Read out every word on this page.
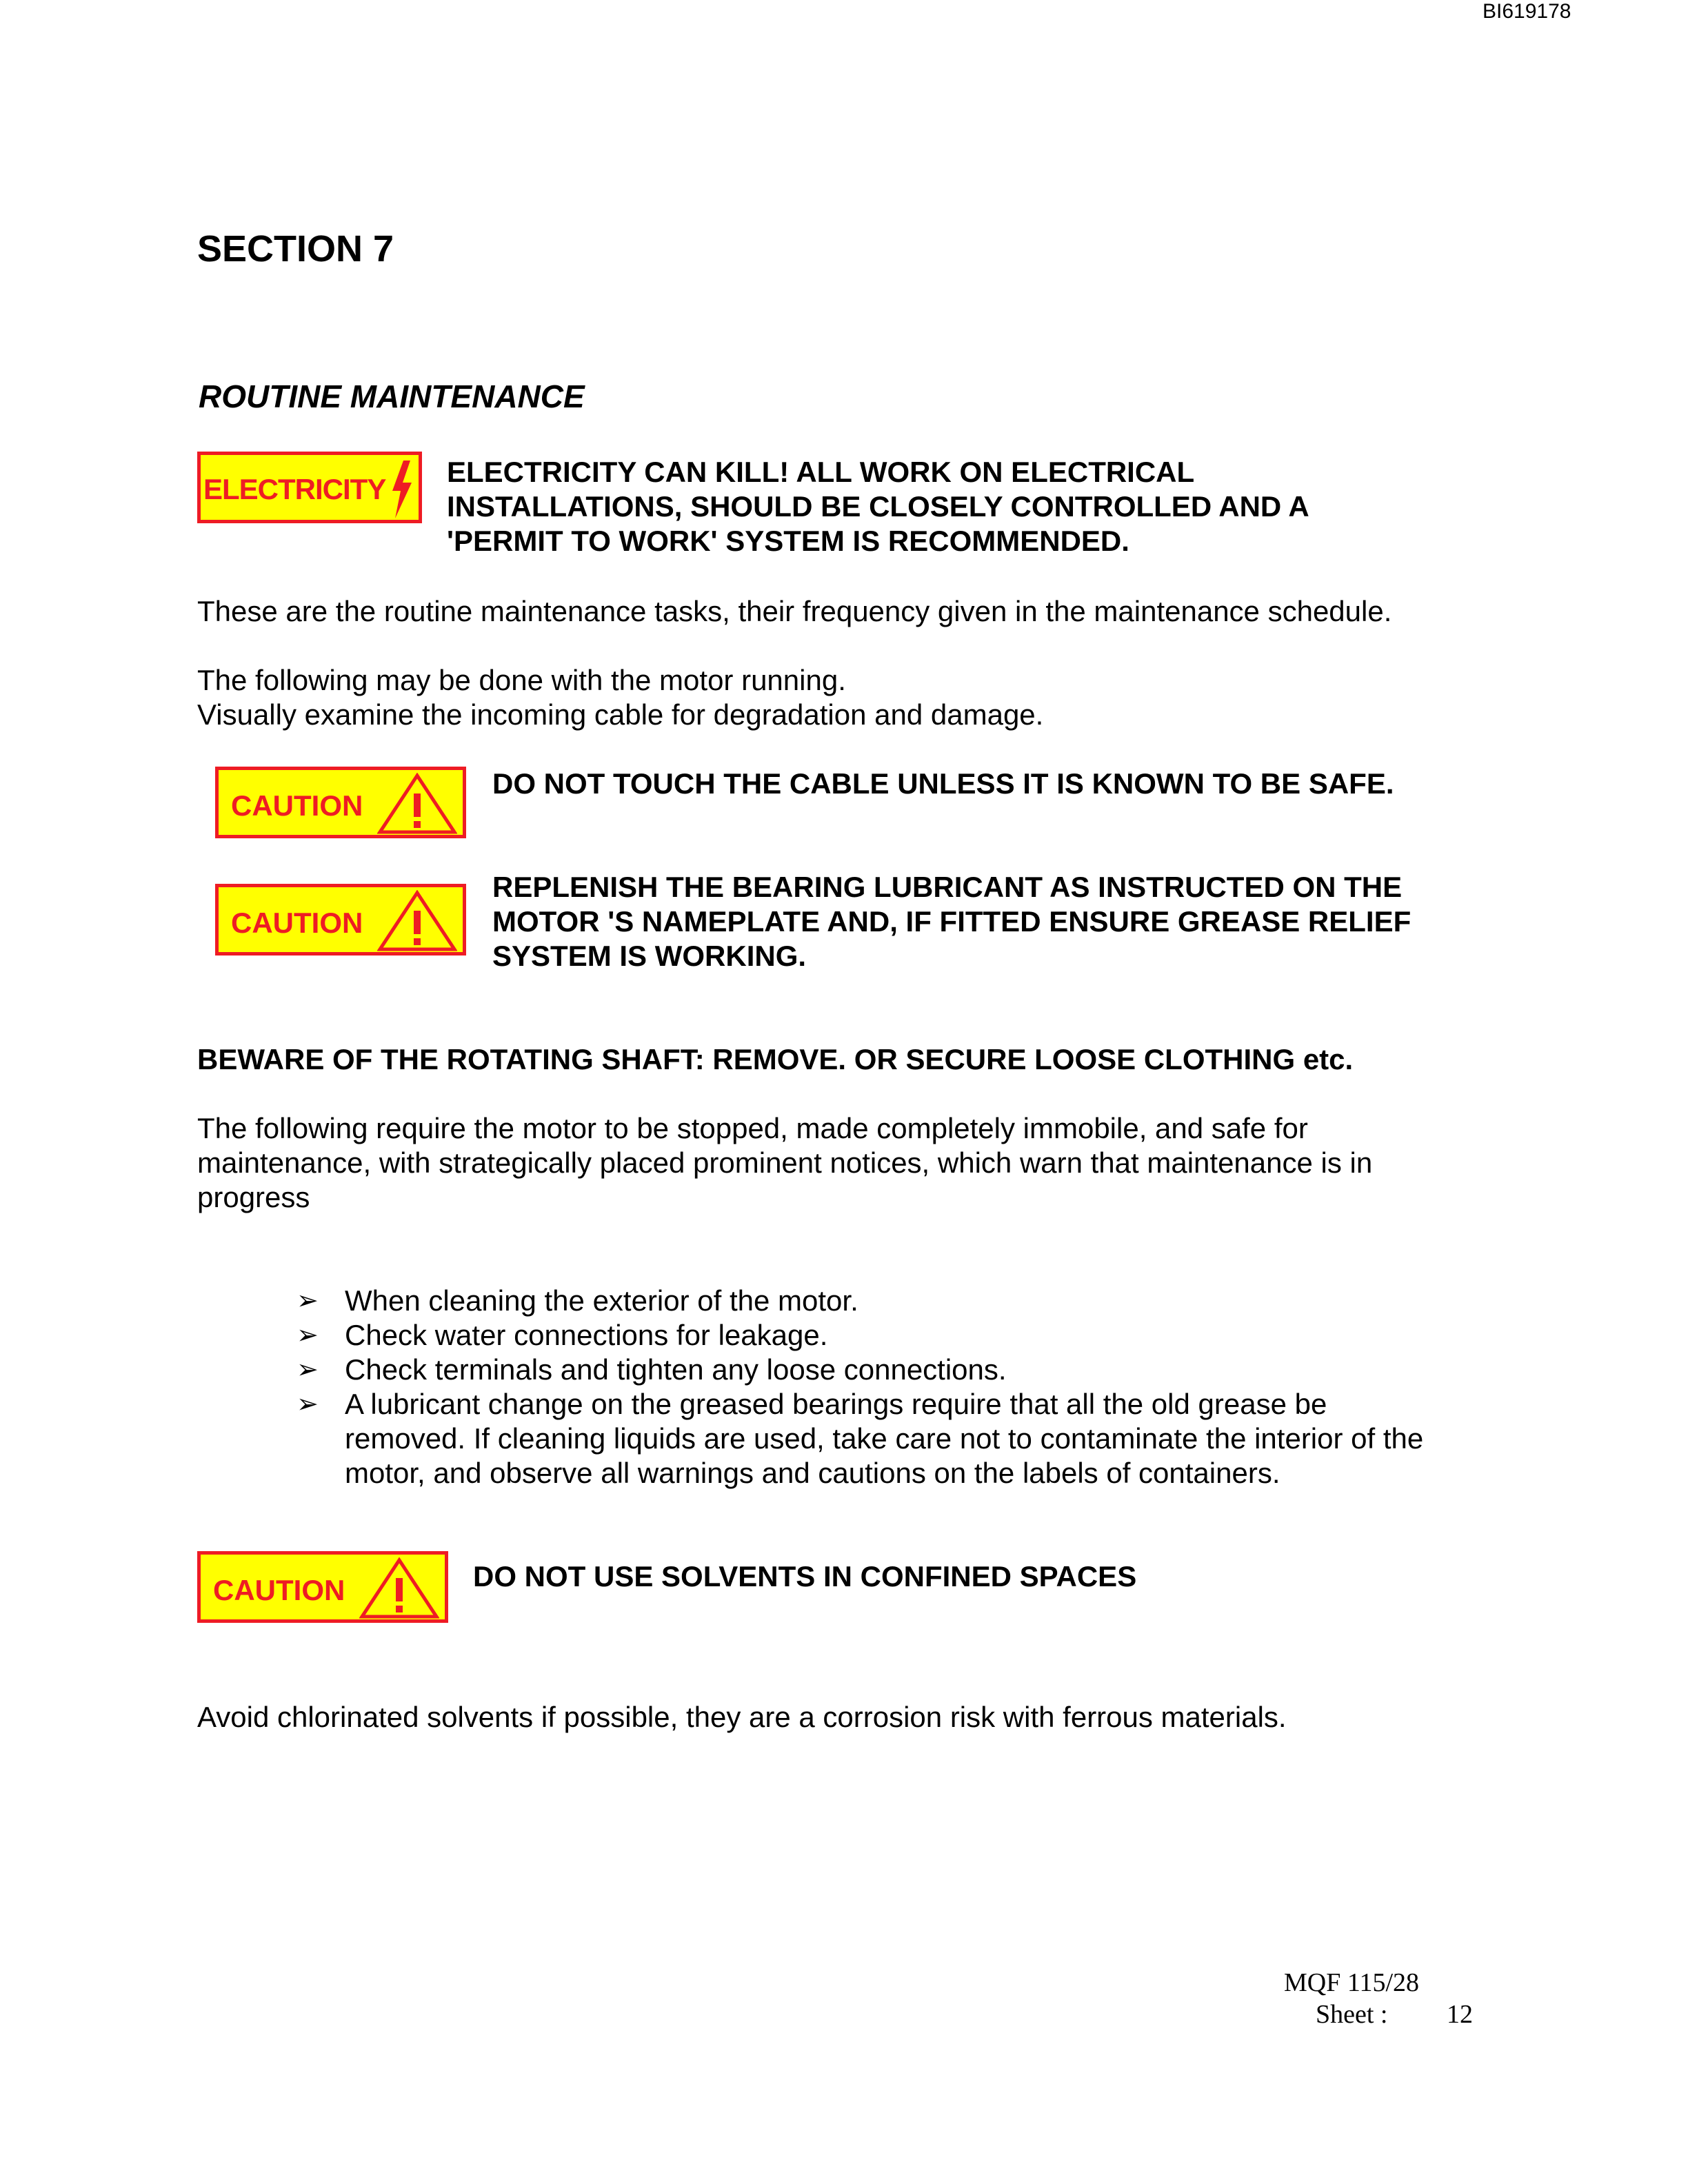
BI619178
SECTION 7
ROUTINE MAINTENANCE
ELECTRICITY
ELECTRICITY CAN KILL! ALL WORK ON ELECTRICAL
INSTALLATIONS, SHOULD BE CLOSELY CONTROLLED AND A
'PERMIT TO WORK' SYSTEM IS RECOMMENDED.
These are the routine maintenance tasks, their frequency given in the maintenance schedule.
The following may be done with the motor running.
Visually examine the incoming cable for degradation and damage.
CAUTION
DO NOT TOUCH THE CABLE UNLESS IT IS KNOWN TO BE SAFE.
CAUTION
REPLENISH THE BEARING LUBRICANT AS INSTRUCTED ON THE
MOTOR 'S NAMEPLATE AND, IF FITTED ENSURE GREASE RELIEF
SYSTEM IS WORKING.
BEWARE OF THE ROTATING SHAFT: REMOVE. OR SECURE LOOSE CLOTHING etc.
The following require the motor to be stopped, made completely immobile, and safe for
maintenance, with strategically placed prominent notices, which warn that maintenance is in
progress
➢ When cleaning the exterior of the motor.
➢ Check water connections for leakage.
➢ Check terminals and tighten any loose connections.
➢ A lubricant change on the greased bearings require that all the old grease be
removed. If cleaning liquids are used, take care not to contaminate the interior of the
motor, and observe all warnings and cautions on the labels of containers.
CAUTION	DO NOT USE SOLVENTS IN CONFINED SPACES
Avoid chlorinated solvents if possible, they are a corrosion risk with ferrous materials.
MQF 115/28
Sheet : 12
